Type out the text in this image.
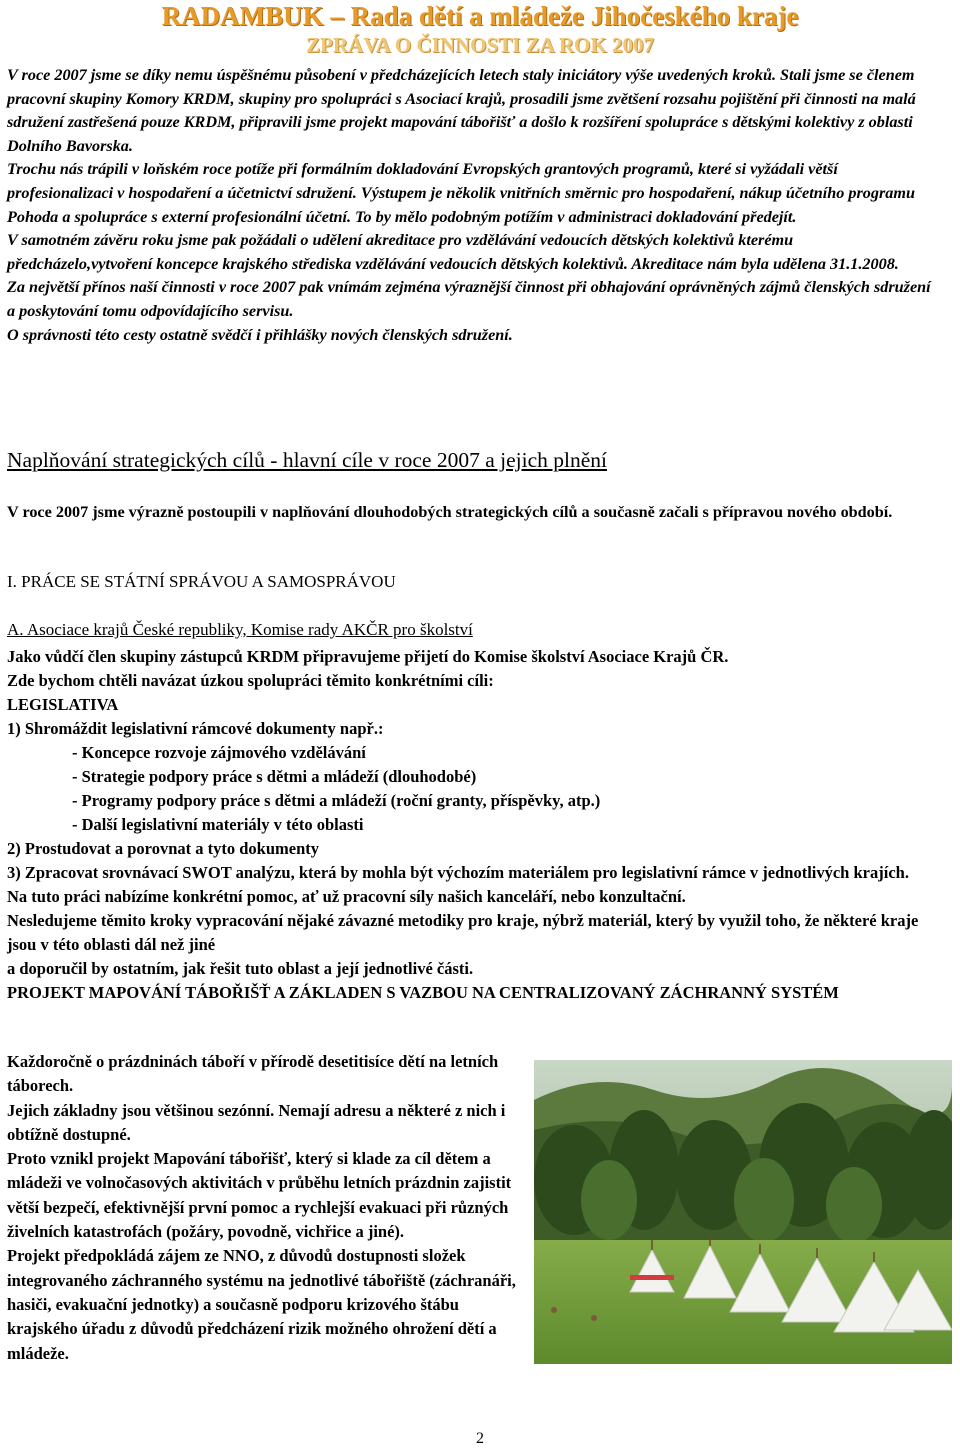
RADAMBUK – Rada dětí a mládeže Jihočeského kraje
ZPRÁVA O ČINNOSTI ZA ROK 2007

V roce 2007 jsme se díky nemu úspěšnému působení v předcházejících letech staly iniciátory výše uvedených kroků. Stali jsme se členem pracovní skupiny Komory KRDM, skupiny pro spolupráci s Asociací krajů, prosadili jsme zvětšení rozsahu pojištění při činnosti na malá sdružení zastřešená pouze KRDM, připravili jsme projekt mapování tábořišť a došlo k rozšíření spolupráce s dětskými kolektivy z oblasti Dolního Bavorska.

Trochu nás trápili v loňském roce potíže při formálním dokladování Evropských grantových programů, které si vyžádali větší profesionalizaci v hospodaření a účetnictví sdružení. Výstupem je několik vnitřních směrnic pro hospodaření, nákup účetního programu Pohoda a spolupráce s externí profesionální účetní. To by mělo podobným potížím v administraci dokladování předejít.

V samotném závěru roku jsme pak požádali o udělení akreditace pro vzdělávání vedoucích dětských kolektivů kterému předcházelo,vytvoření koncepce krajského střediska vzdělávání vedoucích dětských kolektivů. Akreditace nám byla udělena 31.1.2008.

Za největší přínos naší činnosti v roce 2007 pak vnímám zejména výraznější činnost při obhajování oprávněných zájmů členských sdružení a poskytování tomu odpovídajícího servisu.

O správnosti této cesty ostatně svědčí i přihlášky nových členských sdružení.

Naplňování strategických cílů - hlavní cíle v roce 2007 a jejich plnění

V roce 2007 jsme výrazně postoupili v naplňování dlouhodobých strategických cílů a současně začali s přípravou nového období.

I. PRÁCE SE STÁTNÍ SPRÁVOU A SAMOSPRÁVOU

A. Asociace krajů České republiky, Komise rady AKČR pro školství

Jako vůdčí člen skupiny zástupců KRDM připravujeme přijetí do Komise školství Asociace Krajů ČR.

Zde bychom chtěli navázat úzkou spolupráci těmito konkrétními cíli:

LEGISLATIVA

1) Shromáždit legislativní rámcové dokumenty např.:

- Koncepce rozvoje zájmového vzdělávání

- Strategie podpory práce s dětmi a mládeží (dlouhodobé)

- Programy podpory práce s dětmi a mládeží (roční granty, příspěvky, atp.)

- Další legislativní materiály v této oblasti

2) Prostudovat a porovnat a tyto dokumenty

3) Zpracovat srovnávací SWOT analýzu, která by mohla být výchozím materiálem pro legislativní rámce v jednotlivých krajích.

Na tuto práci nabízíme konkrétní pomoc, ať už pracovní síly našich kanceláří, nebo konzultační.

Nesledujeme těmito kroky vypracování nějaké závazné metodiky pro kraje, nýbrž materiál, který by využil toho, že některé kraje jsou v této oblasti dál než jiné

a doporučil by ostatním, jak řešit tuto oblast a její jednotlivé části.

PROJEKT MAPOVÁNÍ TÁBOŘIŠŤ A ZÁKLADEN S VAZBOU NA CENTRALIZOVANÝ ZÁCHRANNÝ SYSTÉM

Každoročně o prázdninách táboří v přírodě desetitisíce dětí na letních táborech.

Jejich základny jsou většinou sezónní. Nemají adresu a některé z nich i obtížně dostupné.

Proto vznikl projekt Mapování tábořišť, který si klade za cíl dětem a mládeži ve volnočasových aktivitách v průběhu letních prázdnin zajistit větší bezpečí, efektivnější první pomoc a rychlejší evakuaci při různých živelních katastrofách (požáry, povodně, vichřice a jiné).

Projekt předpokládá zájem ze NNO, z důvodů dostupnosti složek integrovaného záchranného systému na jednotlivé tábořiště (záchranáři, hasiči, evakuační jednotky) a současně podporu krizového štábu krajského úřadu z důvodů předcházení rizik možného ohrožení dětí a mládeže.

2
